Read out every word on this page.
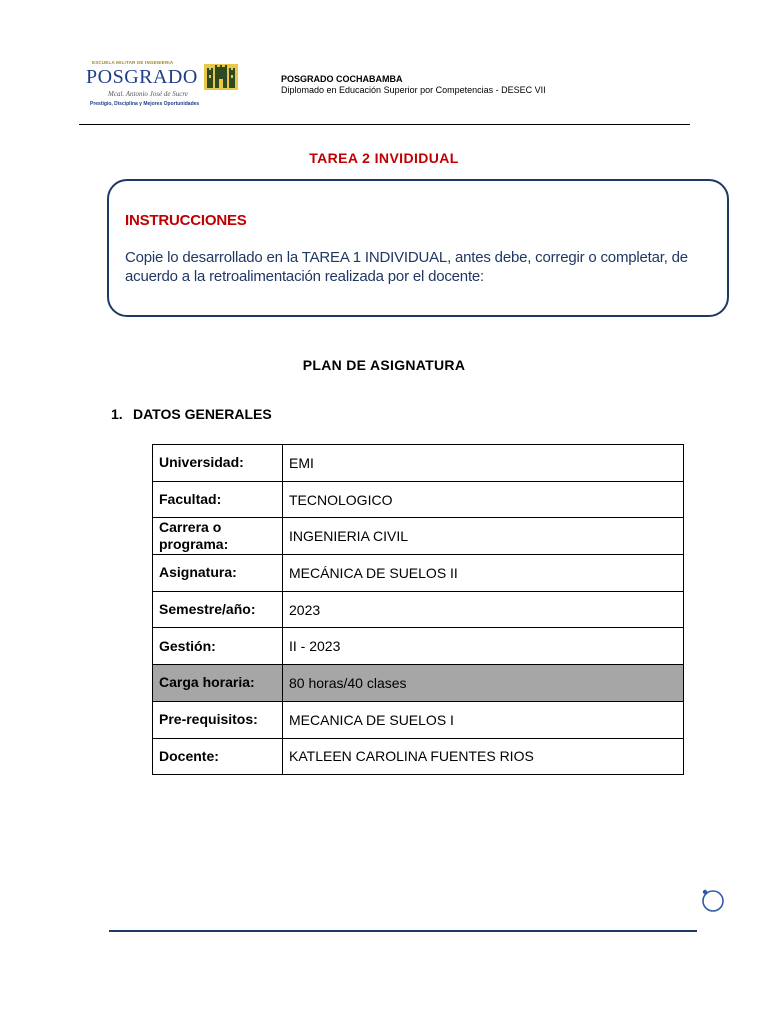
ESCUELA MILITAR DE INGENIERIA
POSGRADO
Mcal. Antonio José de Sucre
Prestigio, Disciplina y Mejores Oportunidades
POSGRADO COCHABAMBA
Diplomado en Educación Superior por Competencias - DESEC VII
TAREA 2 INVIDIDUAL
INSTRUCCIONES
Copie lo desarrollado en la TAREA 1 INDIVIDUAL, antes debe, corregir o completar, de acuerdo a la retroalimentación realizada por el docente:
PLAN DE ASIGNATURA
1. DATOS GENERALES
Universidad:	EMI
Facultad:	TECNOLOGICO
Carrera o programa:	INGENIERIA CIVIL
Asignatura:	MECÁNICA DE SUELOS II
Semestre/año:	2023
Gestión:	II - 2023
Carga horaria:	80 horas/40 clases
Pre-requisitos:	MECANICA DE SUELOS I
Docente:	KATLEEN CAROLINA FUENTES RIOS
